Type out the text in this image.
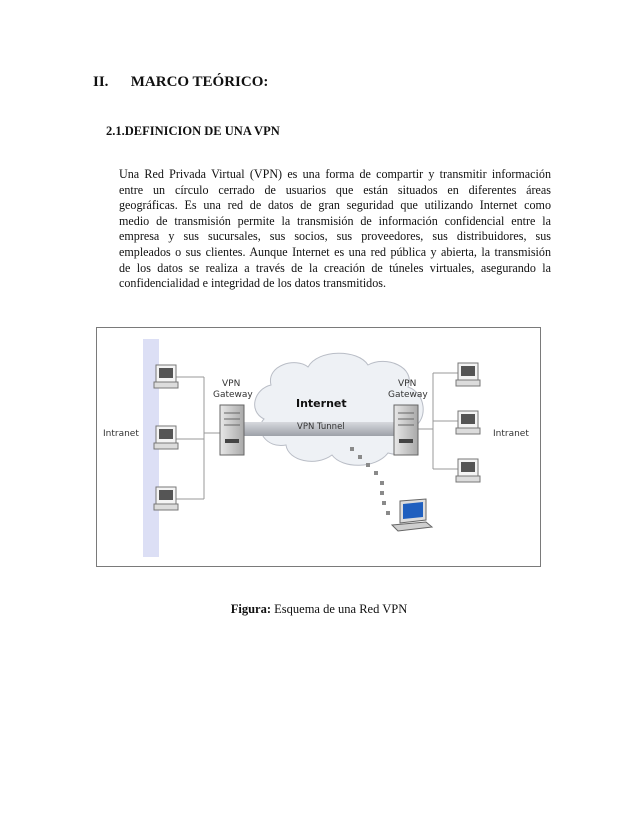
II. MARCO TEÓRICO:
2.1.DEFINICION DE UNA VPN
Una Red Privada Virtual (VPN) es una forma de compartir y transmitir información
entre un círculo cerrado de usuarios que están situados en diferentes áreas
geográficas. Es una red de datos de gran seguridad que utilizando Internet como
medio de transmisión permite la transmisión de información confidencial entre la
empresa y sus sucursales, sus socios, sus proveedores, sus distribuidores, sus
empleados o sus clientes. Aunque Internet es una red pública y abierta, la transmisión
de los datos se realiza a través de la creación de túneles virtuales, asegurando la
confidencialidad e integridad de los datos transmitidos.
Intranet	Intranet
VPN
Gateway
VPN
Gateway
Internet
VPN Tunnel
Figura: Esquema de una Red VPN
